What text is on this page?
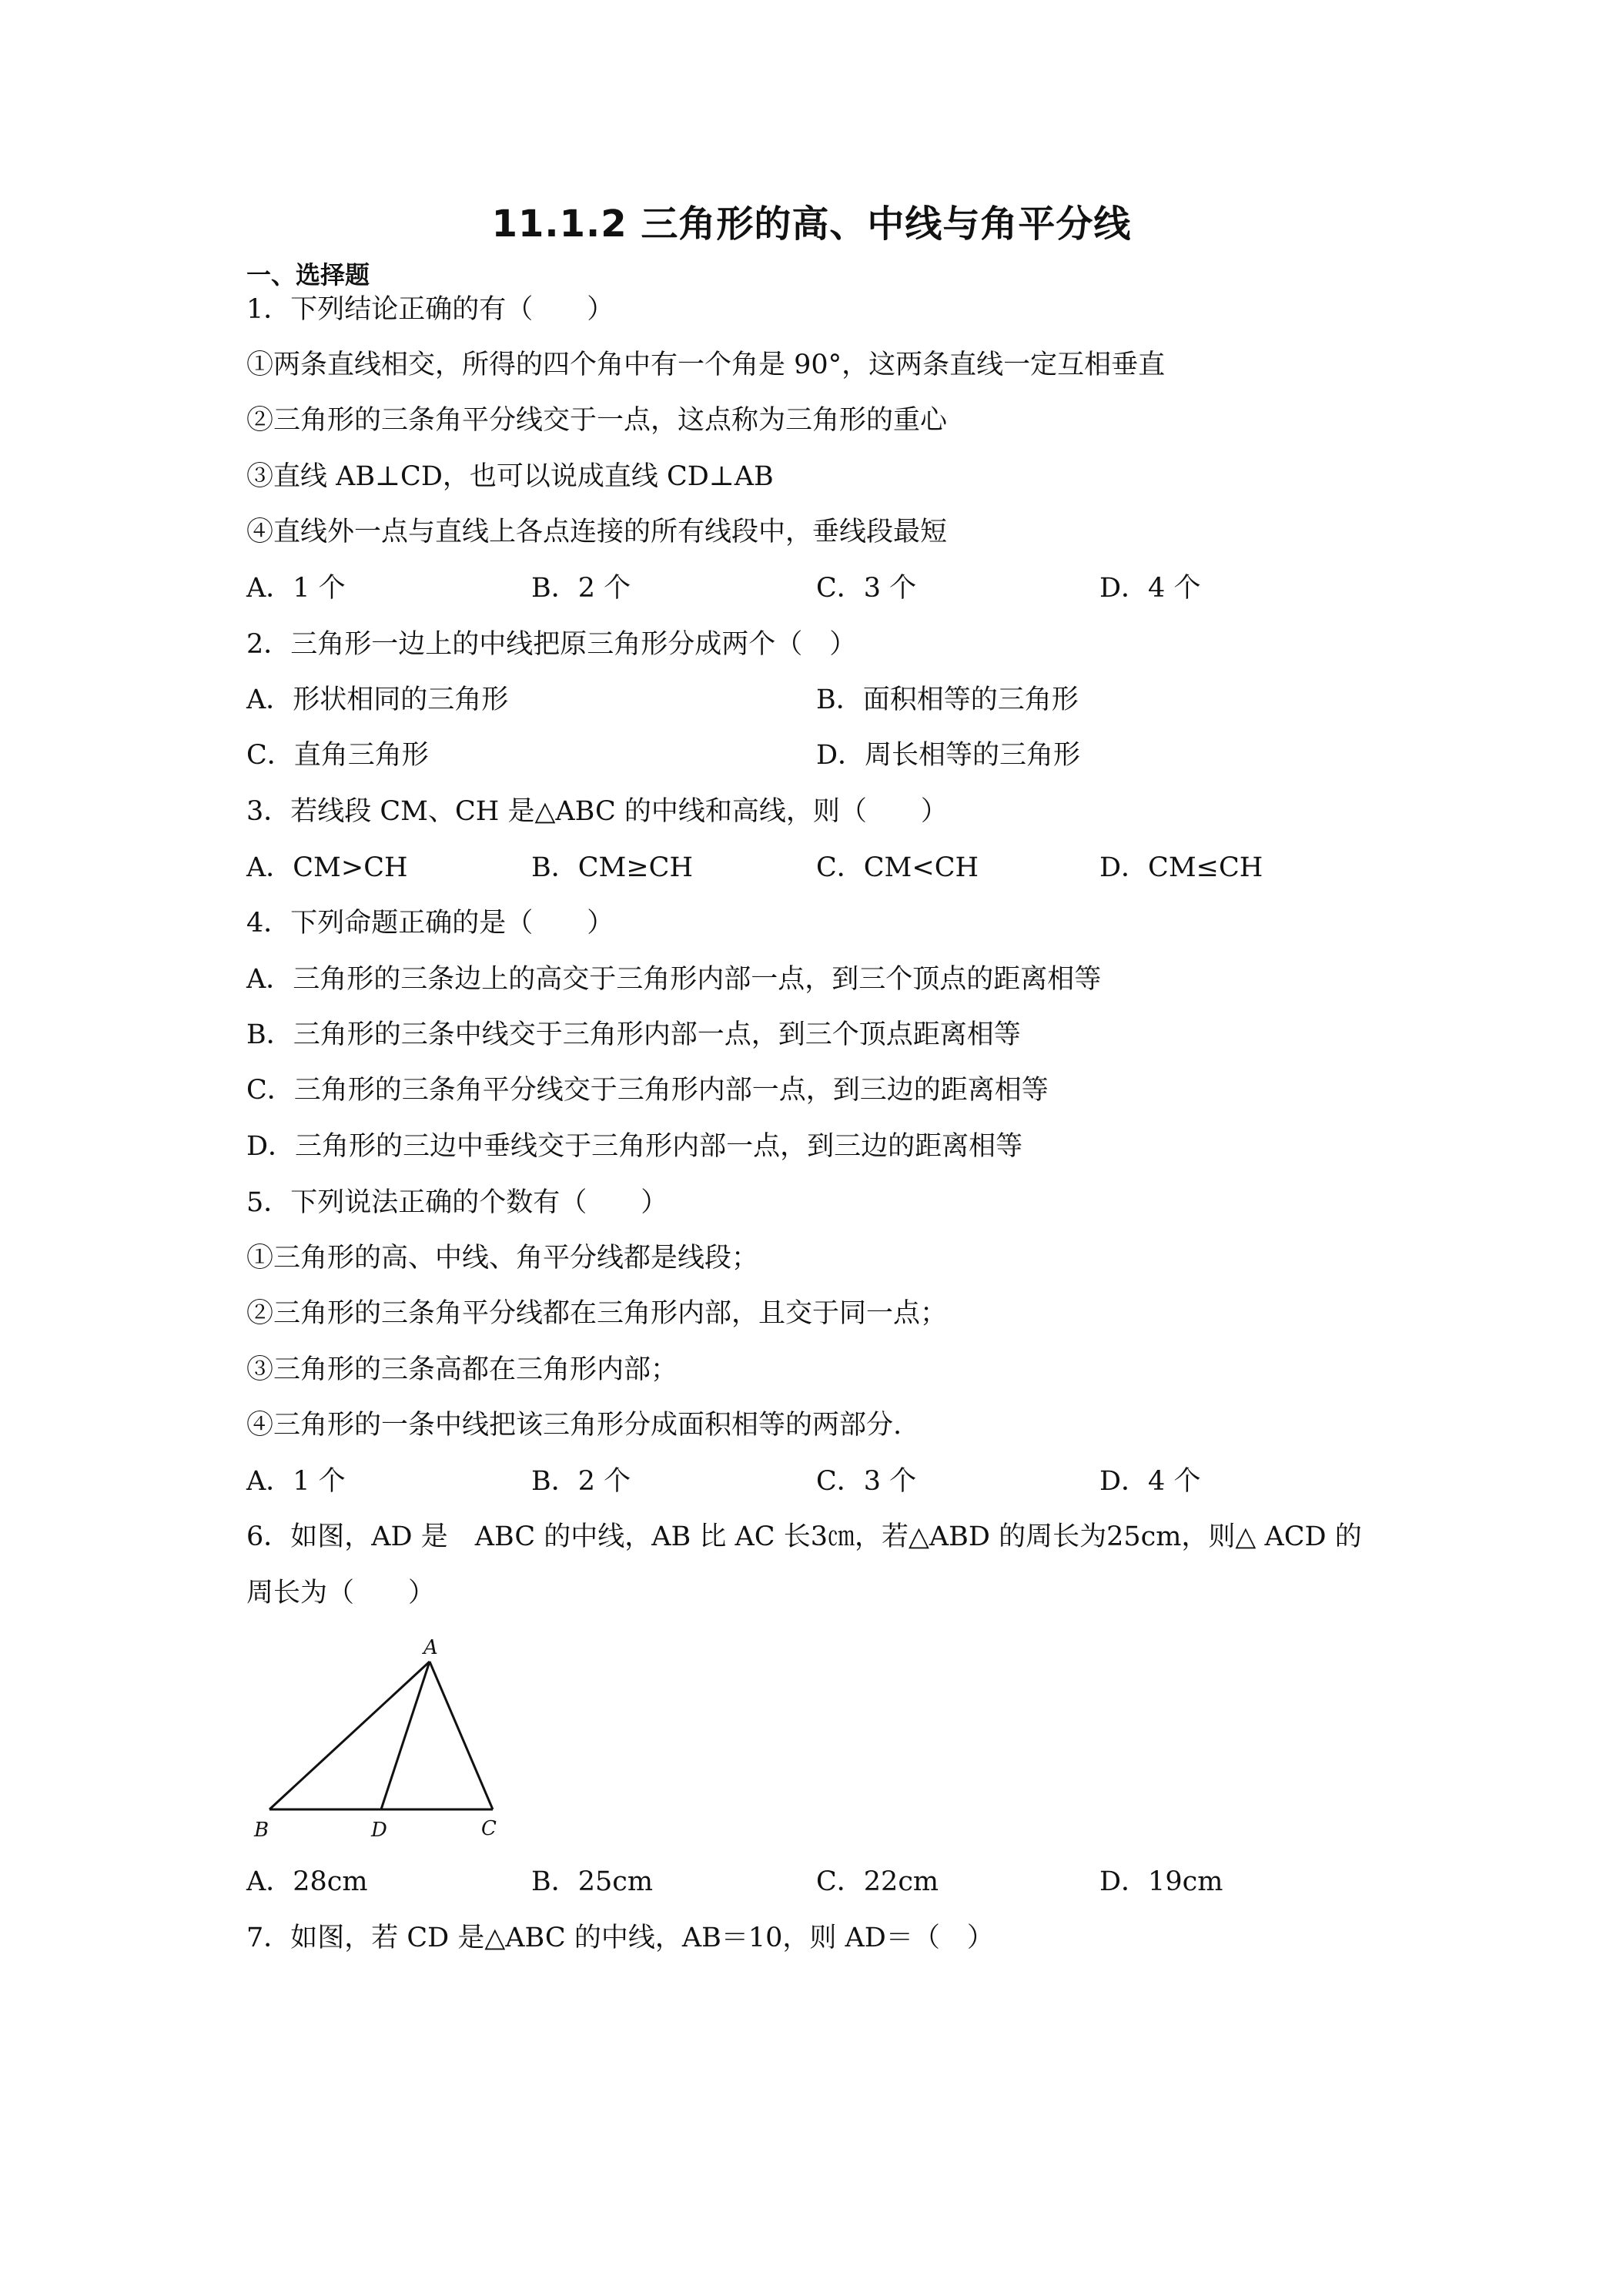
11.1.2 三角形的高、中线与角平分线
一、选择题
1．下列结论正确的有（　　）
①两条直线相交，所得的四个角中有一个角是 90°，这两条直线一定互相垂直
②三角形的三条角平分线交于一点，这点称为三角形的重心
③直线 AB⊥CD，也可以说成直线 CD⊥AB
④直线外一点与直线上各点连接的所有线段中，垂线段最短
A．1 个	B．2 个	C．3 个	D．4 个
2．三角形一边上的中线把原三角形分成两个（　）
A．形状相同的三角形	B．面积相等的三角形
C．直角三角形	D．周长相等的三角形
3．若线段 CM、CH 是△ABC 的中线和高线，则（　　）
A．CM>CH	B．CM≥CH	C．CM<CH	D．CM≤CH
4．下列命题正确的是（　　）
A．三角形的三条边上的高交于三角形内部一点，到三个顶点的距离相等
B．三角形的三条中线交于三角形内部一点，到三个顶点距离相等
C．三角形的三条角平分线交于三角形内部一点，到三边的距离相等
D．三角形的三边中垂线交于三角形内部一点，到三边的距离相等
5．下列说法正确的个数有（　　）
①三角形的高、中线、角平分线都是线段；
②三角形的三条角平分线都在三角形内部，且交于同一点；
③三角形的三条高都在三角形内部；
④三角形的一条中线把该三角形分成面积相等的两部分.
A．1 个	B．2 个	C．3 个	D．4 个
6．如图，AD 是　ABC 的中线，AB 比 AC 长3㎝，若△ABD 的周长为25cm，则△ ACD 的
周长为（　　）
A
B	D	C
A．28cm	B．25cm	C．22cm	D．19cm
7．如图，若 CD 是△ABC 的中线，AB＝10，则 AD＝（　）
